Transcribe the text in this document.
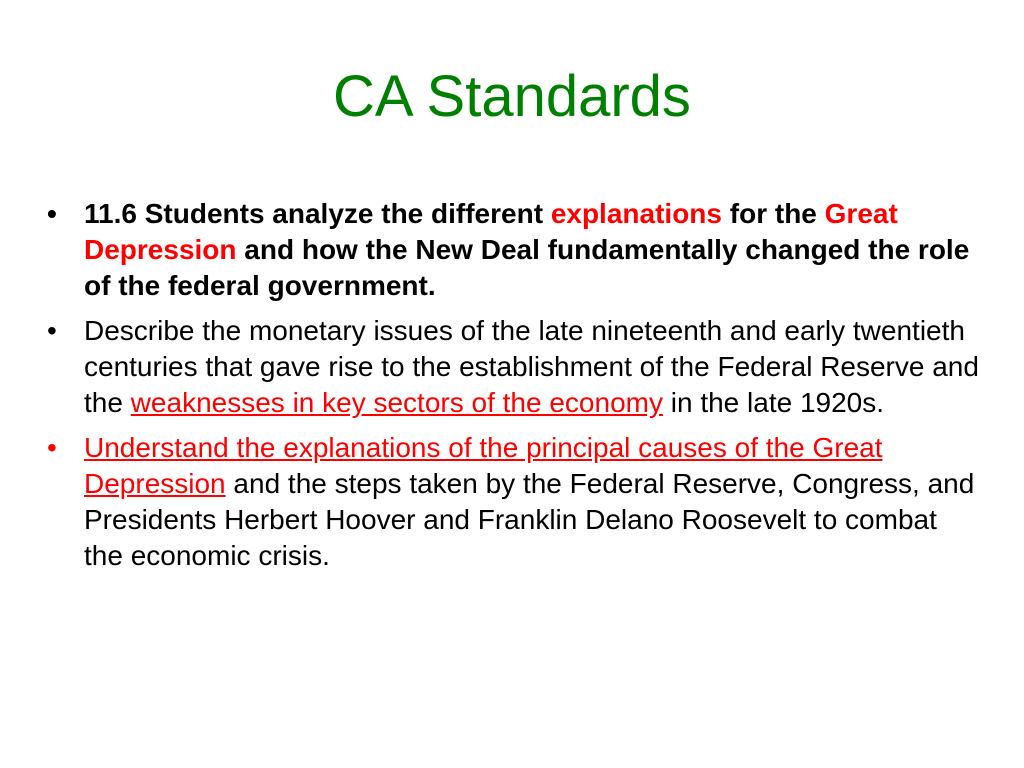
CA Standards
• 11.6 Students analyze the different explanations for the Great Depression and how the New Deal fundamentally changed the role of the federal government.
• Describe the monetary issues of the late nineteenth and early twentieth centuries that gave rise to the establishment of the Federal Reserve and the weaknesses in key sectors of the economy in the late 1920s.
• Understand the explanations of the principal causes of the Great Depression and the steps taken by the Federal Reserve, Congress, and Presidents Herbert Hoover and Franklin Delano Roosevelt to combat the economic crisis.
